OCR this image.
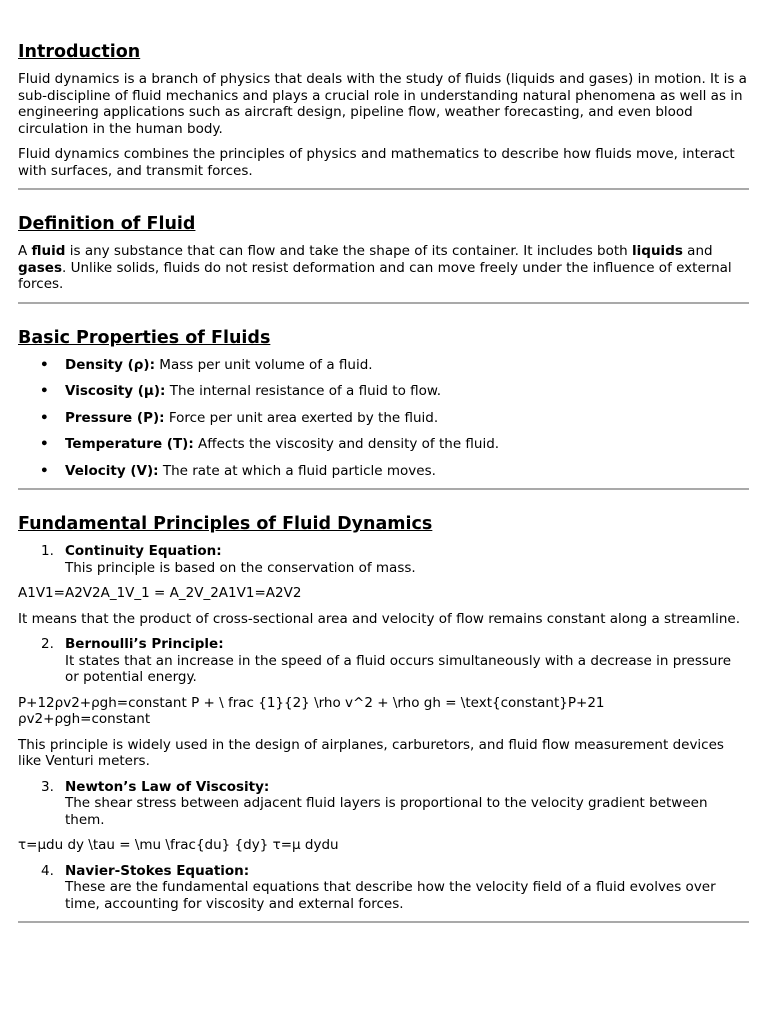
Introduction

Fluid dynamics is a branch of physics that deals with the study of fluids (liquids and gases) in motion. It is a sub-discipline of fluid mechanics and plays a crucial role in understanding natural phenomena as well as in engineering applications such as aircraft design, pipeline flow, weather forecasting, and even blood circulation in the human body.

Fluid dynamics combines the principles of physics and mathematics to describe how fluids move, interact with surfaces, and transmit forces.

Definition of Fluid

A fluid is any substance that can flow and take the shape of its container. It includes both liquids and gases. Unlike solids, fluids do not resist deformation and can move freely under the influence of external forces.

Basic Properties of Fluids
• Density (ρ): Mass per unit volume of a fluid.
• Viscosity (μ): The internal resistance of a fluid to flow.
• Pressure (P): Force per unit area exerted by the fluid.
• Temperature (T): Affects the viscosity and density of the fluid.
• Velocity (V): The rate at which a fluid particle moves.
Fundamental Principles of Fluid Dynamics
1. Continuity Equation:
This principle is based on the conservation of mass.

A1V1=A2V2A_1V_1 = A_2V_2A1V1=A2V2

It means that the product of cross-sectional area and velocity of flow remains constant along a streamline.

2. Bernoulli’s Principle:
It states that an increase in the speed of a fluid occurs simultaneously with a decrease in pressure or potential energy.

P+12ρv2+ρgh=constant P + \ frac {1}{2} \rho v^2 + \rho gh = \text{constant}P+21 ρv2+ρgh=constant

This principle is widely used in the design of airplanes, carburetors, and fluid flow measurement devices like Venturi meters.

3. Newton’s Law of Viscosity:
The shear stress between adjacent fluid layers is proportional to the velocity gradient between them.

τ=μdu dy \tau = \mu \frac{du} {dy} τ=μ dydu

4. Navier-Stokes Equation:
These are the fundamental equations that describe how the velocity field of a fluid evolves over time, accounting for viscosity and external forces.
